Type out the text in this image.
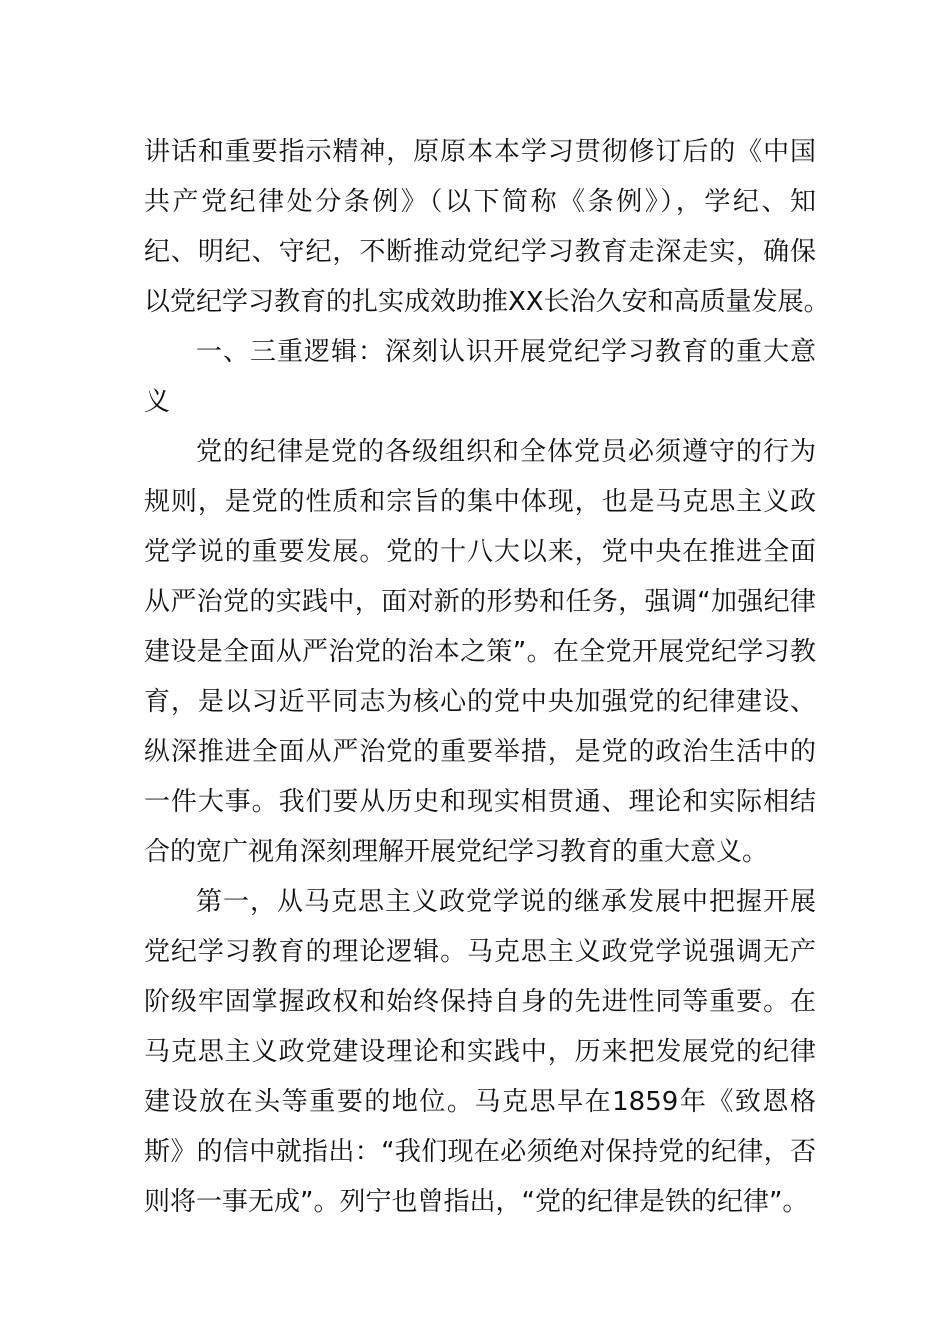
讲话和重要指示精神，原原本本学习贯彻修订后的《中国
共产党纪律处分条例》（以下简称《条例》），学纪、知
纪、明纪、守纪，不断推动党纪学习教育走深走实，确保
以党纪学习教育的扎实成效助推XX长治久安和高质量发展。
一、三重逻辑：深刻认识开展党纪学习教育的重大意
义
党的纪律是党的各级组织和全体党员必须遵守的行为
规则，是党的性质和宗旨的集中体现，也是马克思主义政
党学说的重要发展。党的十八大以来，党中央在推进全面
从严治党的实践中，面对新的形势和任务，强调“加强纪律
建设是全面从严治党的治本之策”。在全党开展党纪学习教
育，是以习近平同志为核心的党中央加强党的纪律建设、
纵深推进全面从严治党的重要举措，是党的政治生活中的
一件大事。我们要从历史和现实相贯通、理论和实际相结
合的宽广视角深刻理解开展党纪学习教育的重大意义。
第一，从马克思主义政党学说的继承发展中把握开展
党纪学习教育的理论逻辑。马克思主义政党学说强调无产
阶级牢固掌握政权和始终保持自身的先进性同等重要。在
马克思主义政党建设理论和实践中，历来把发展党的纪律
建设放在头等重要的地位。马克思早在1859年《致恩格
斯》的信中就指出：“我们现在必须绝对保持党的纪律，否
则将一事无成”。列宁也曾指出，“党的纪律是铁的纪律”。
